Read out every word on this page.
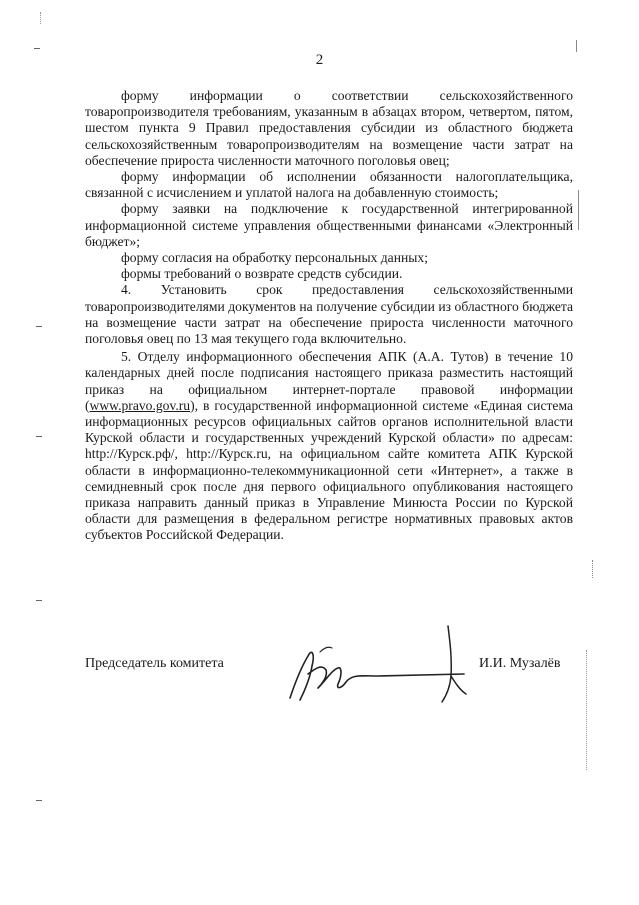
2

форму информации о соответствии сельскохозяйственного товаропроизводителя требованиям, указанным в абзацах втором, четвертом, пятом, шестом пункта 9 Правил предоставления субсидии из областного бюджета сельскохозяйственным товаропроизводителям на возмещение части затрат на обеспечение прироста численности маточного поголовья овец;

форму информации об исполнении обязанности налогоплательщика, связанной с исчислением и уплатой налога на добавленную стоимость;

форму заявки на подключение к государственной интегрированной информационной системе управления общественными финансами «Электронный бюджет»;

форму согласия на обработку персональных данных;

формы требований о возврате средств субсидии.

4. Установить срок предоставления сельскохозяйственными товаропроизводителями документов на получение субсидии из областного бюджета на возмещение части затрат на обеспечение прироста численности маточного поголовья овец по 13 мая текущего года включительно.

5. Отделу информационного обеспечения АПК (А.А. Тутов) в течение 10 календарных дней после подписания настоящего приказа разместить настоящий приказ на официальном интернет-портале правовой информации (www.pravo.gov.ru), в государственной информационной системе «Единая система информационных ресурсов официальных сайтов органов исполнительной власти Курской области и государственных учреждений Курской области» по адресам: http://Курск.рф/, http://Курск.ru, на официальном сайте комитета АПК Курской области в информационно-телекоммуникационной сети «Интернет», а также в семидневный срок после дня первого официального опубликования настоящего приказа направить данный приказ в Управление Минюста России по Курской области для размещения в федеральном регистре нормативных правовых актов субъектов Российской Федерации.

Председатель комитета	И.И. Музалёв
